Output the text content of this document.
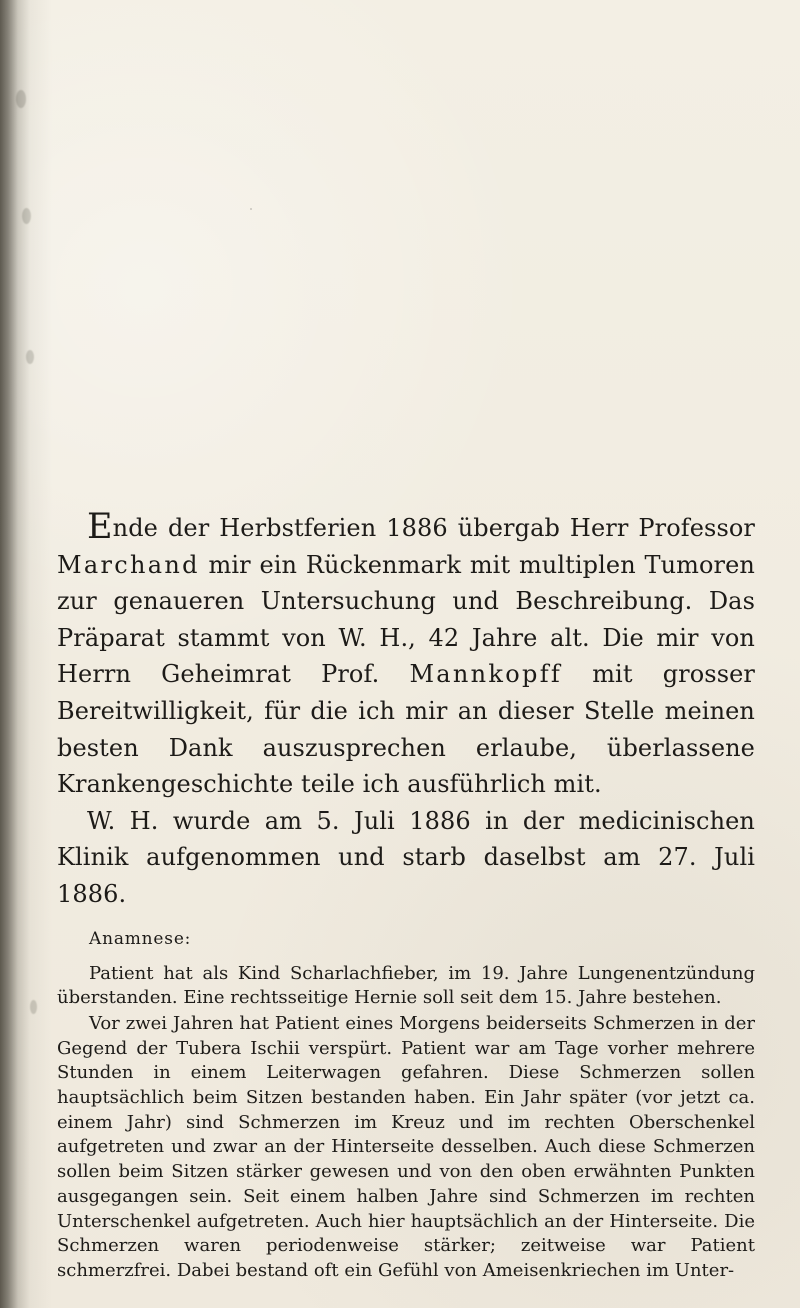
Ende der Herbstferien 1886 übergab Herr Professor Marchand mir ein Rückenmark mit multiplen Tumoren zur genaueren Untersuchung und Beschreibung. Das Präparat stammt von W. H., 42 Jahre alt. Die mir von Herrn Geheimrat Prof. Mannkopff mit grosser Bereitwilligkeit, für die ich mir an dieser Stelle meinen besten Dank auszusprechen erlaube, überlassene Krankengeschichte teile ich ausführlich mit.

W. H. wurde am 5. Juli 1886 in der medicinischen Klinik aufgenommen und starb daselbst am 27. Juli 1886.

Anamnese:

Patient hat als Kind Scharlachfieber, im 19. Jahre Lungenentzündung überstanden. Eine rechtsseitige Hernie soll seit dem 15. Jahre bestehen.

Vor zwei Jahren hat Patient eines Morgens beiderseits Schmerzen in der Gegend der Tubera Ischii verspürt. Patient war am Tage vorher mehrere Stunden in einem Leiterwagen gefahren. Diese Schmerzen sollen hauptsächlich beim Sitzen bestanden haben. Ein Jahr später (vor jetzt ca. einem Jahr) sind Schmerzen im Kreuz und im rechten Oberschenkel aufgetreten und zwar an der Hinterseite desselben. Auch diese Schmerzen sollen beim Sitzen stärker gewesen und von den oben erwähnten Punkten ausgegangen sein. Seit einem halben Jahre sind Schmerzen im rechten Unterschenkel aufgetreten. Auch hier hauptsächlich an der Hinterseite. Die Schmerzen waren periodenweise stärker; zeitweise war Patient schmerzfrei. Dabei bestand oft ein Gefühl von Ameisenkriechen im Unter-
